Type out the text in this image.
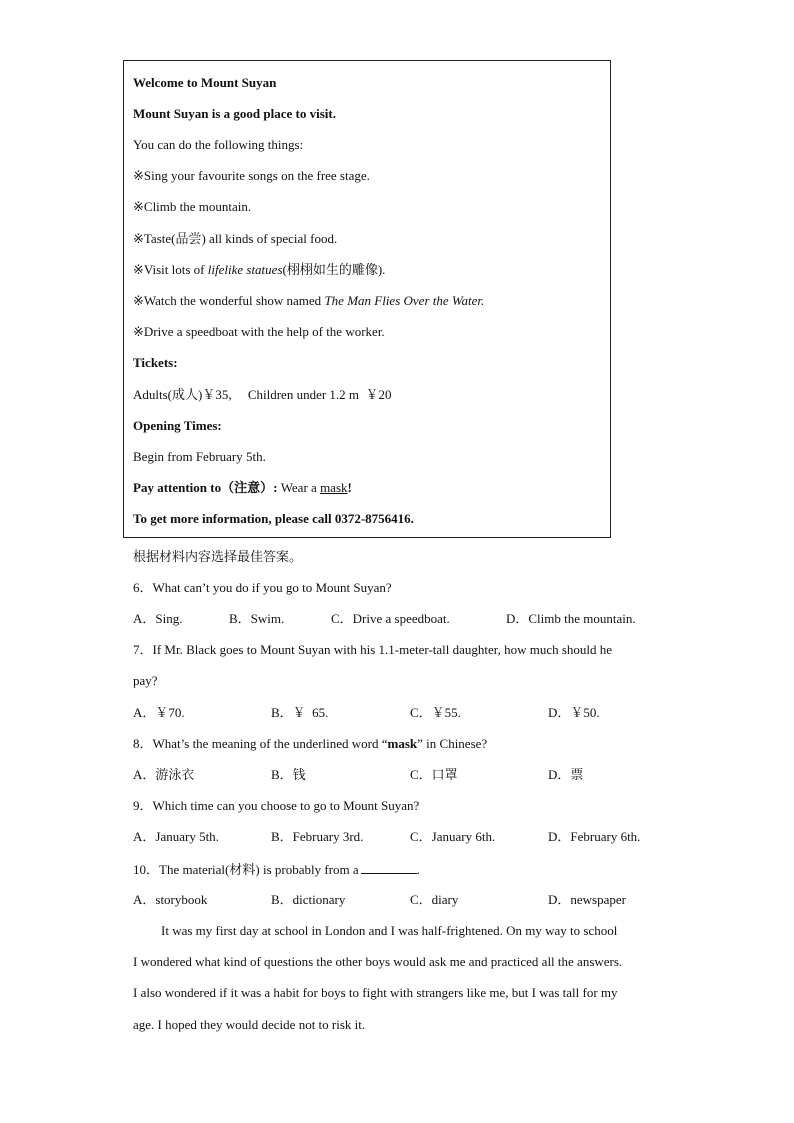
Welcome to Mount Suyan
Mount Suyan is a good place to visit.
You can do the following things:
※Sing your favourite songs on the free stage.
※Climb the mountain.
※Taste(品尝) all kinds of special food.
※Visit lots of lifelike statues(栩栩如生的雕像).
※Watch the wonderful show named The Man Flies Over the Water.
※Drive a speedboat with the help of the worker.
Tickets:
Adults(成人)￥35,     Children under 1.2 m  ￥20
Opening Times:
Begin from February 5th.
Pay attention to（注意）: Wear a mask!
To get more information, please call 0372-8756416.
根据材料内容选择最佳答案。
6．What can’t you do if you go to Mount Suyan?
A．Sing.	B．Swim.	C．Drive a speedboat.	D．Climb the mountain.
7．If Mr. Black goes to Mount Suyan with his 1.1-meter-tall daughter, how much should he
pay?
A．￥70.	B．￥  65.	C．￥55.	D．￥50.
8．What’s the meaning of the underlined word “mask” in Chinese?
A．游泳衣	B．钱	C．口罩	D．票
9．Which time can you choose to go to Mount Suyan?
A．January 5th.	B．February 3rd.	C．January 6th.	D．February 6th.
10．The material(材料) is probably from a	.
A．storybook	B．dictionary	C．diary	D．newspaper
It was my first day at school in London and I was half-frightened. On my way to school
I wondered what kind of questions the other boys would ask me and practiced all the answers.
I also wondered if it was a habit for boys to fight with strangers like me, but I was tall for my
age. I hoped they would decide not to risk it.
